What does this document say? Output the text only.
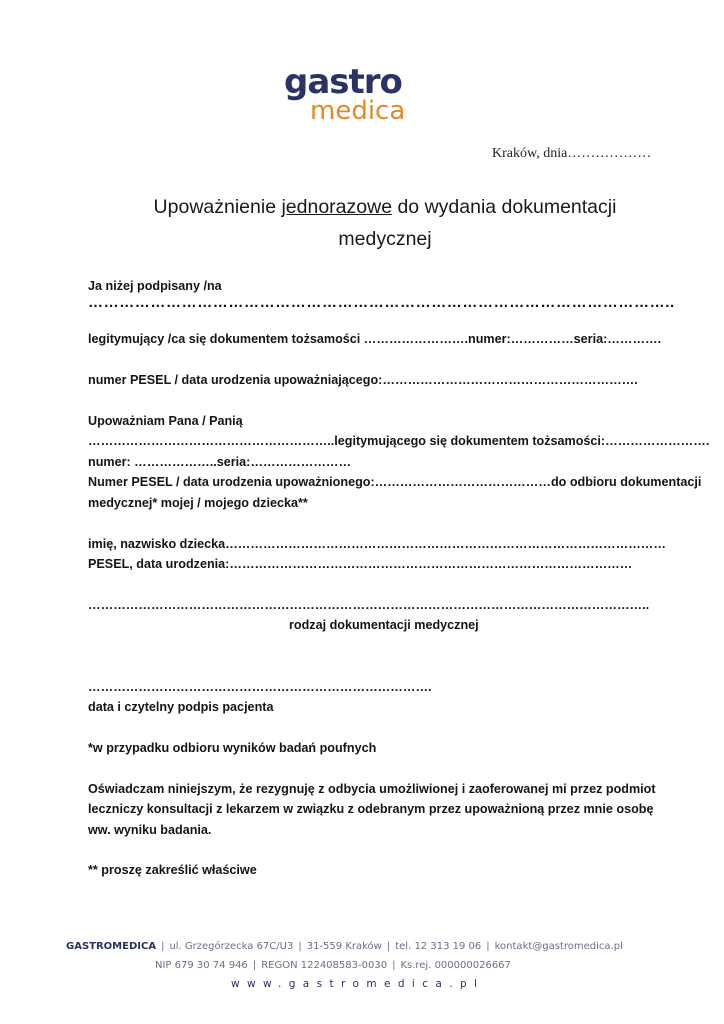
gastro
medica
Kraków, dnia………………
Upoważnienie jednorazowe do wydania dokumentacji
medycznej
Ja niżej podpisany /na
…………………………………………………………………………………………………..
legitymujący /ca się dokumentem tożsamości …………………….numer:……………seria:………….
numer PESEL / data urodzenia upoważniającego:…………………………………………………….
Upoważniam Pana / Panią
…………………………………………………..legitymującego się dokumentem tożsamości:…………………….
numer: ………………..seria:……………………
Numer PESEL / data urodzenia upoważnionego:……………………………………do odbioru dokumentacji
medycznej* mojej / mojego dziecka**
imię, nazwisko dziecka……………………………………………………………………………………………
PESEL, data urodzenia:……………………………………………………………………………………
……………………………………………………………………………………………………………………..
rodzaj dokumentacji medycznej
……………………………………………………………………….
data i czytelny podpis pacjenta
*w przypadku odbioru wyników badań poufnych
Oświadczam niniejszym, że rezygnuję z odbycia umożliwionej i zaoferowanej mi przez podmiot
leczniczy konsultacji z lekarzem w związku z odebranym przez upoważnioną przez mnie osobę
ww. wyniku badania.
** proszę zakreślić właściwe
GASTROMEDICA | ul. Grzegórzecka 67C/U3 | 31-559 Kraków | tel. 12 313 19 06 | kontakt@gastromedica.pl
NIP 679 30 74 946 | REGON 122408583-0030 | Ks.rej. 000000026667
www.gastromedica.pl
